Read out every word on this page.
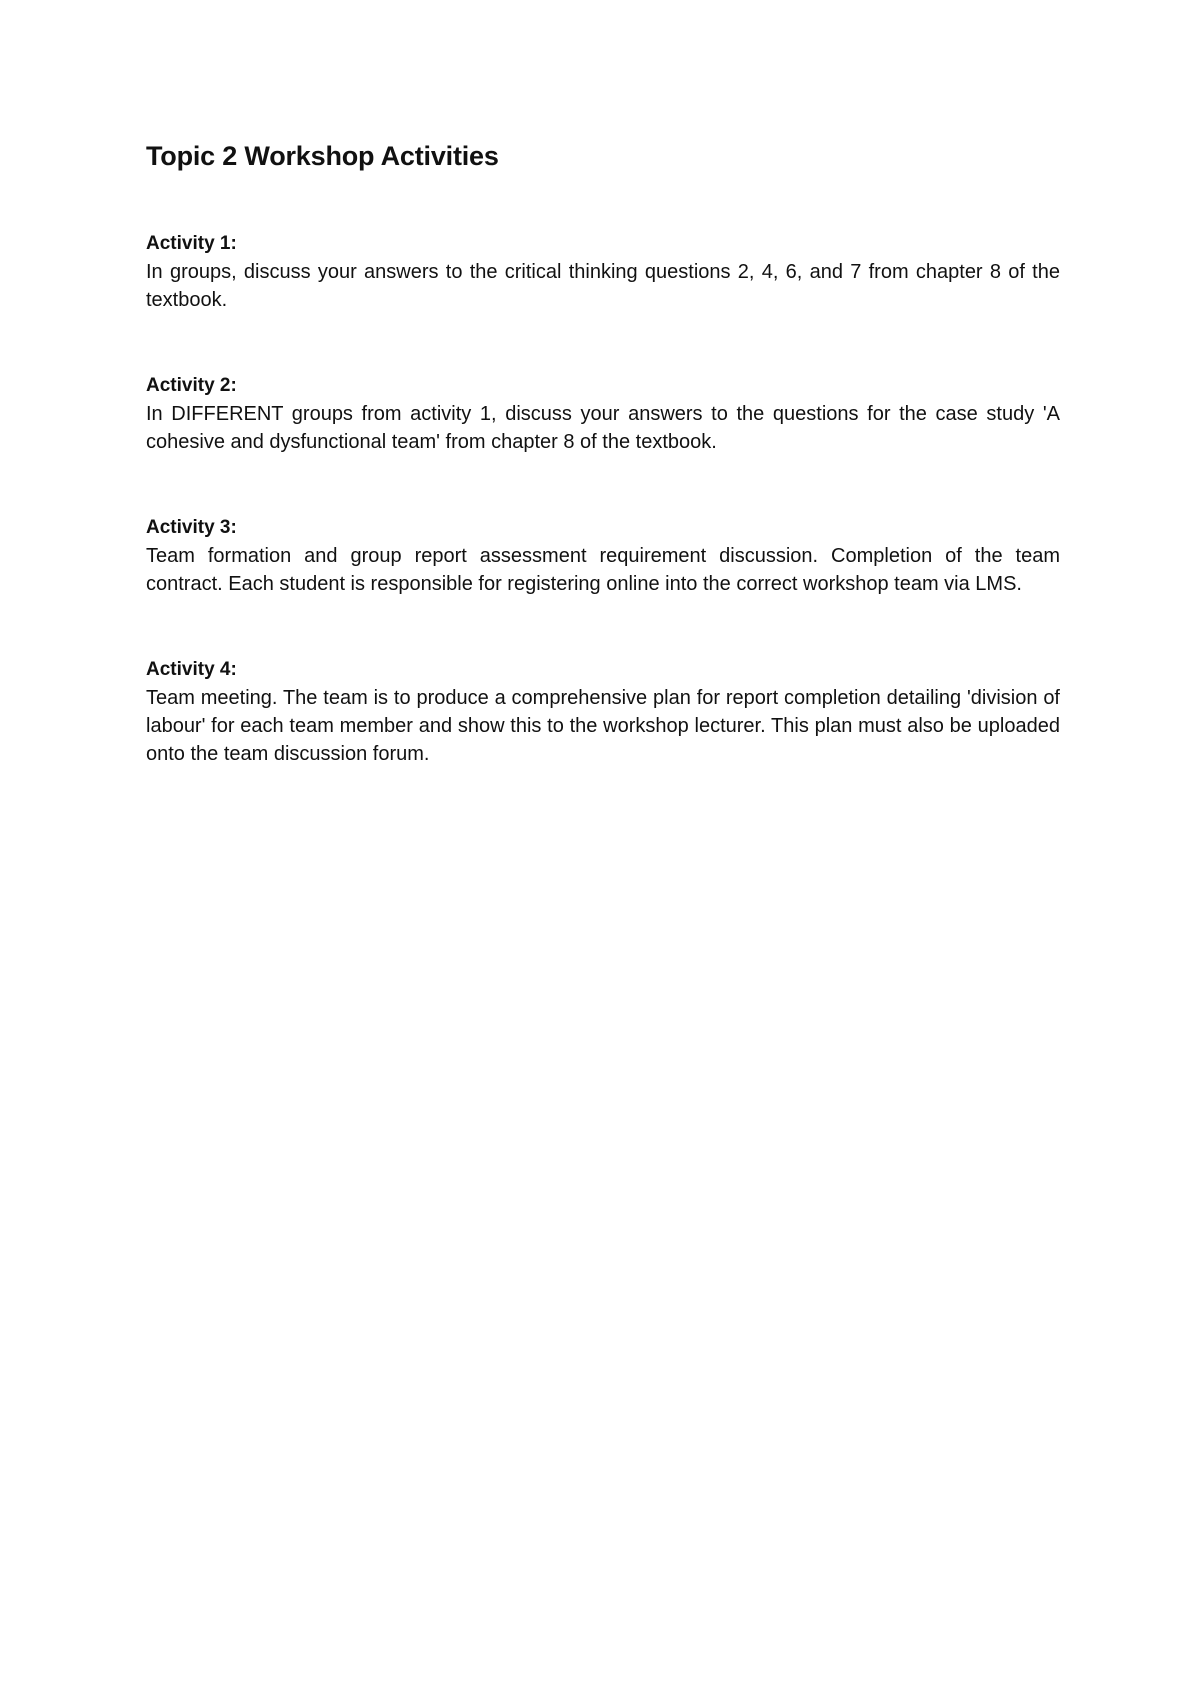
Topic 2 Workshop Activities

Activity 1:

In groups, discuss your answers to the critical thinking questions 2, 4, 6, and 7 from chapter 8 of the textbook.

Activity 2:

In DIFFERENT groups from activity 1, discuss your answers to the questions for the case study 'A cohesive and dysfunctional team' from chapter 8 of the textbook.

Activity 3:

Team formation and group report assessment requirement discussion. Completion of the team contract. Each student is responsible for registering online into the correct workshop team via LMS.

Activity 4:

Team meeting. The team is to produce a comprehensive plan for report completion detailing 'division of labour' for each team member and show this to the workshop lecturer. This plan must also be uploaded onto the team discussion forum.
